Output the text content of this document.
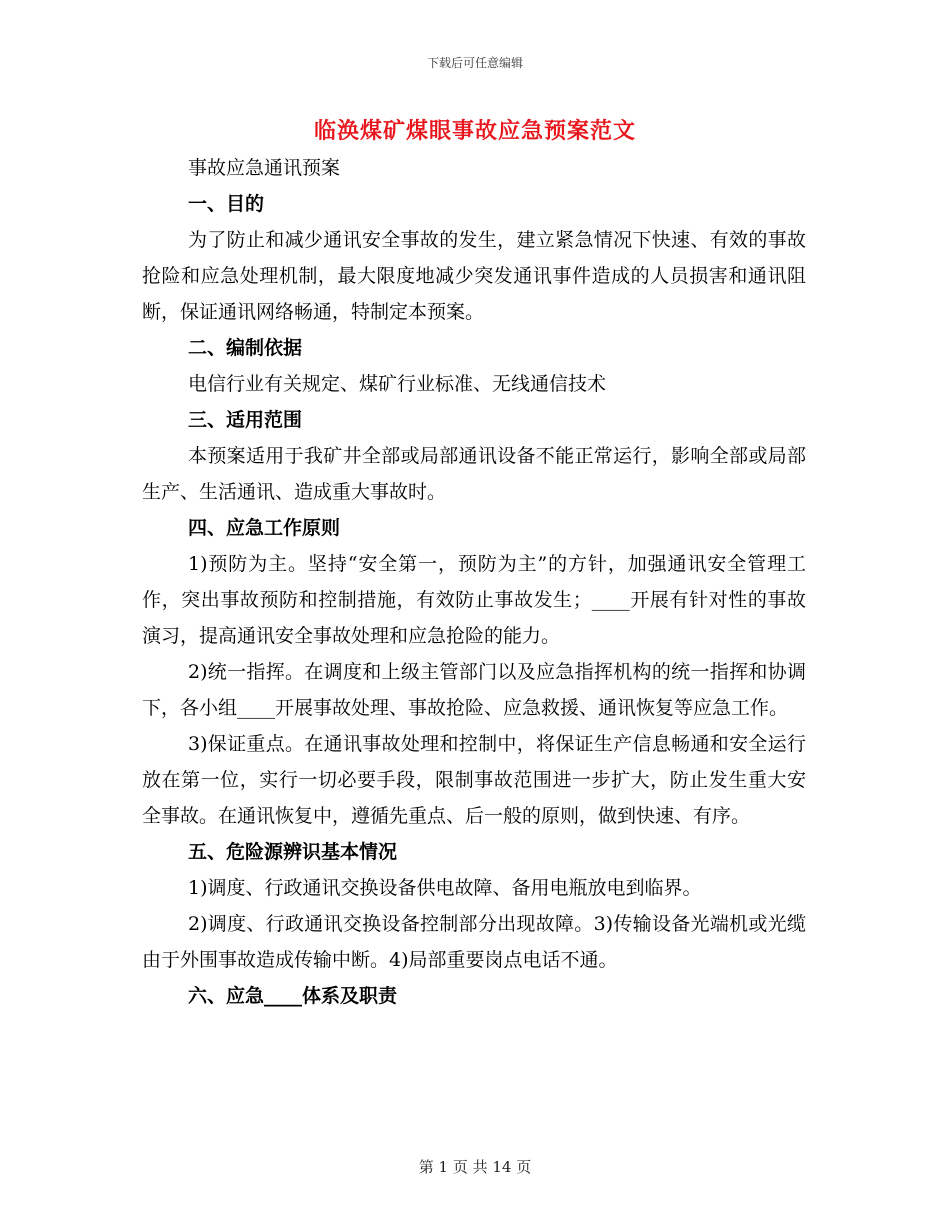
下载后可任意编辑
临涣煤矿煤眼事故应急预案范文
事故应急通讯预案
一、目的

为了防止和减少通讯安全事故的发生，建立紧急情况下快速、有效的事故抢险和应急处理机制，最大限度地减少突发通讯事件造成的人员损害和通讯阻断，保证通讯网络畅通，特制定本预案。

二、编制依据
电信行业有关规定、煤矿行业标准、无线通信技术
三、适用范围

本预案适用于我矿井全部或局部通讯设备不能正常运行，影响全部或局部生产、生活通讯、造成重大事故时。

四、应急工作原则

1)预防为主。坚持“安全第一，预防为主”的方针，加强通讯安全管理工作，突出事故预防和控制措施，有效防止事故发生；____开展有针对性的事故演习，提高通讯安全事故处理和应急抢险的能力。

2)统一指挥。在调度和上级主管部门以及应急指挥机构的统一指挥和协调下，各小组____开展事故处理、事故抢险、应急救援、通讯恢复等应急工作。

3)保证重点。在通讯事故处理和控制中，将保证生产信息畅通和安全运行放在第一位，实行一切必要手段，限制事故范围进一步扩大，防止发生重大安全事故。在通讯恢复中，遵循先重点、后一般的原则，做到快速、有序。

五、危险源辨识基本情况
1)调度、行政通讯交换设备供电故障、备用电瓶放电到临界。

2)调度、行政通讯交换设备控制部分出现故障。3)传输设备光端机或光缆由于外围事故造成传输中断。4)局部重要岗点电话不通。

六、应急____体系及职责
第 1 页 共 14 页
